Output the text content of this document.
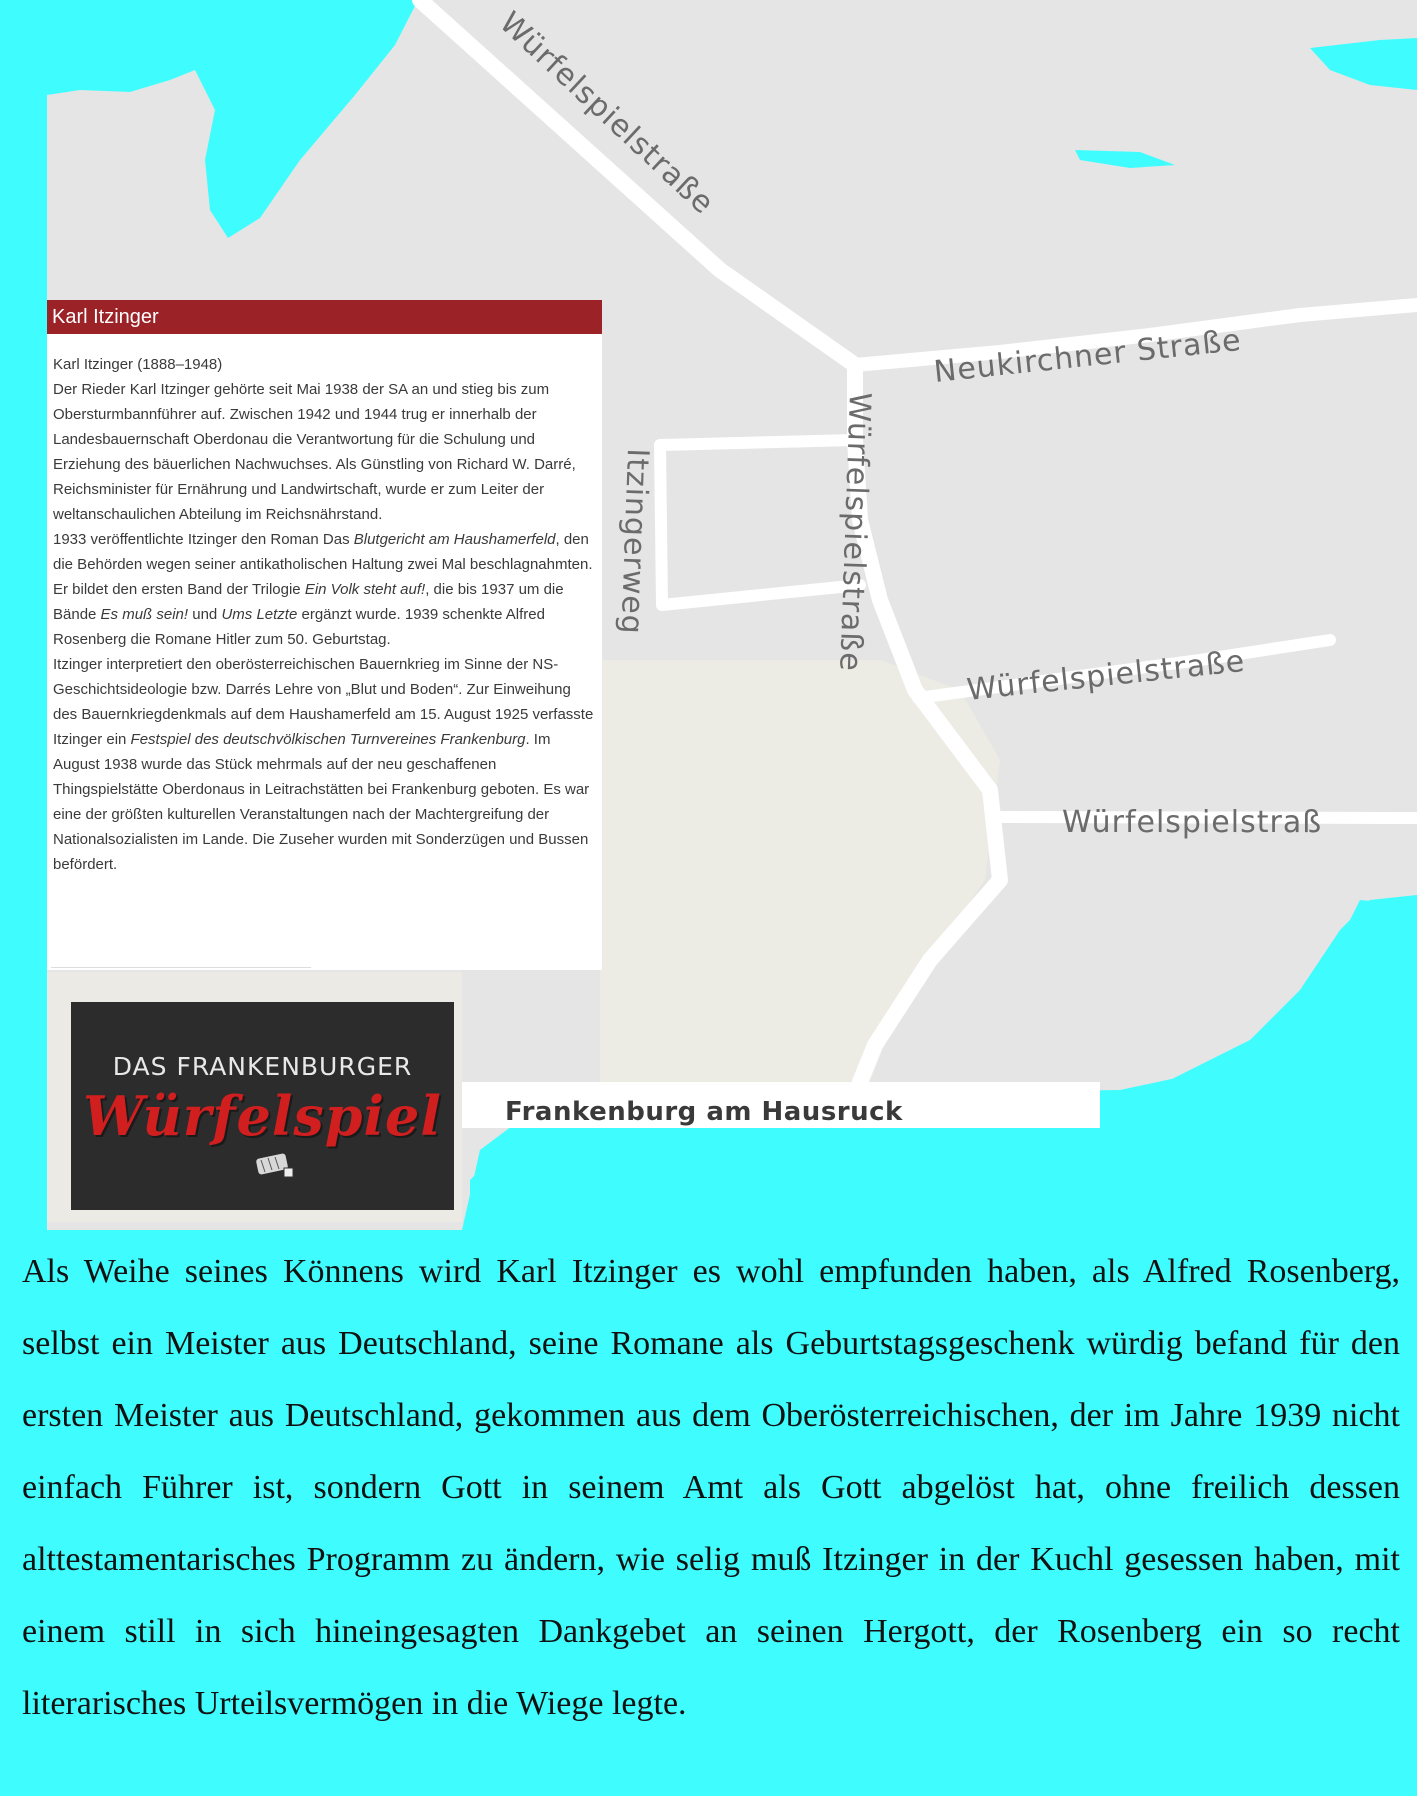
Würfelspielstraße
Neukirchner Straße
Würfelspielstraße
Itzingerweg
Würfelspielstraße
Würfelspielstraß
Frankenburg am Hausruck
Karl Itzinger

Karl Itzinger (1888–1948)

Der Rieder Karl Itzinger gehörte seit Mai 1938 der SA an und stieg bis zum Obersturmbannführer auf. Zwischen 1942 und 1944 trug er innerhalb der Landesbauernschaft Oberdonau die Verantwortung für die Schulung und Erziehung des bäuerlichen Nachwuchses. Als Günstling von Richard W. Darré, Reichsminister für Ernährung und Landwirtschaft, wurde er zum Leiter der weltanschaulichen Abteilung im Reichsnährstand.

1933 veröffentlichte Itzinger den Roman Das Blutgericht am Haushamerfeld, den die Behörden wegen seiner antikatholischen Haltung zwei Mal beschlagnahmten. Er bildet den ersten Band der Trilogie Ein Volk steht auf!, die bis 1937 um die Bände Es muß sein! und Ums Letzte ergänzt wurde. 1939 schenkte Alfred Rosenberg die Romane Hitler zum 50. Geburtstag.

Itzinger interpretiert den oberösterreichischen Bauernkrieg im Sinne der NS-Geschichtsideologie bzw. Darrés Lehre von „Blut und Boden“. Zur Einweihung des Bauernkriegdenkmals auf dem Haushamerfeld am 15. August 1925 verfasste Itzinger ein Festspiel des deutschvölkischen Turnvereines Frankenburg. Im August 1938 wurde das Stück mehrmals auf der neu geschaffenen Thingspielstätte Oberdonaus in Leitrachstätten bei Frankenburg geboten. Es war eine der größten kulturellen Veranstaltungen nach der Machtergreifung der Nationalsozialisten im Lande. Die Zuseher wurden mit Sonderzügen und Bussen befördert.

DAS FRANKENBURGER
Würfelspiel

Als Weihe seines Könnens wird Karl Itzinger es wohl empfunden haben, als Alfred Rosenberg, selbst ein Meister aus Deutschland, seine Romane als Geburtstagsgeschenk würdig befand für den ersten Meister aus Deutschland, gekommen aus dem Oberösterreichischen, der im Jahre 1939 nicht einfach Führer ist, sondern Gott in seinem Amt als Gott abgelöst hat, ohne freilich dessen alttestamentarisches Programm zu ändern, wie selig muß Itzinger in der Kuchl gesessen haben, mit einem still in sich hineingesagten Dankgebet an seinen Hergott, der Rosenberg ein so recht literarisches Urteilsvermögen in die Wiege legte.
